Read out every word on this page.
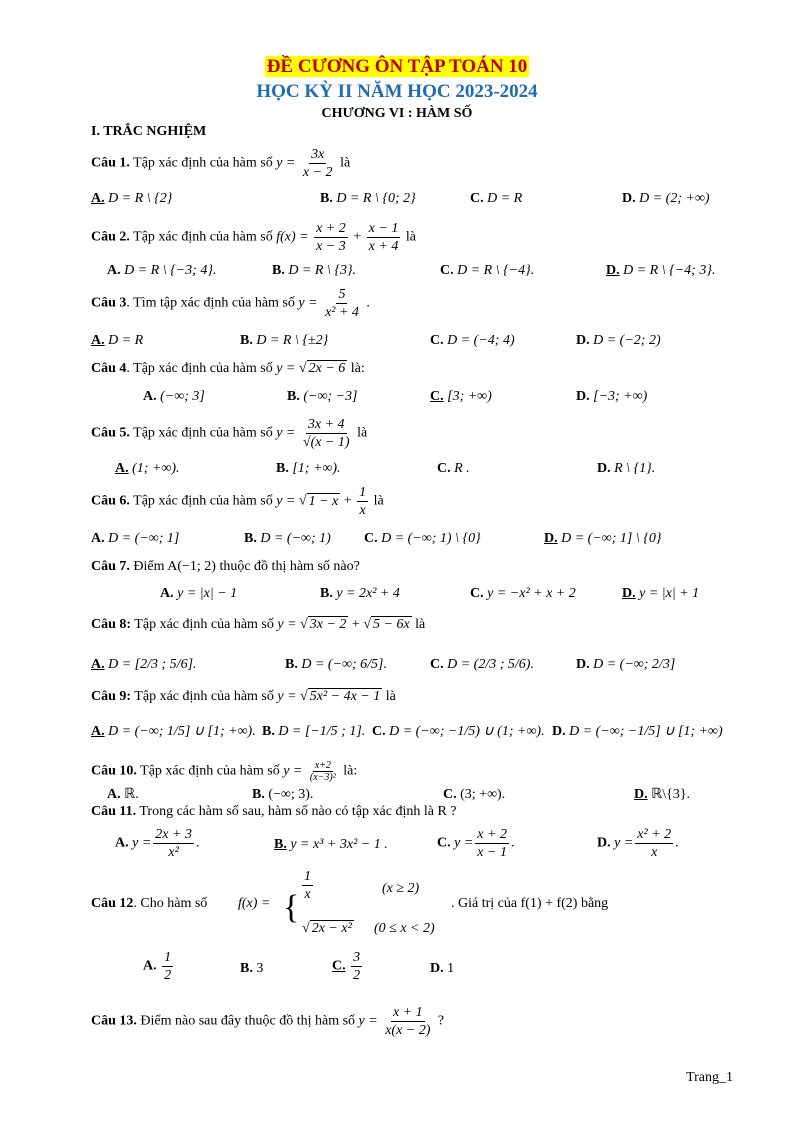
ĐỀ CƯƠNG ÔN TẬP TOÁN 10
HỌC KỲ II NĂM HỌC 2023-2024
CHƯƠNG VI : HÀM SỐ
I. TRẮC NGHIỆM
Câu 1. Tập xác định của hàm số $y = \frac{3x}{x - 2}$ là
A. D = R \ {2}	B. D = R \ {0; 2}	C. D = R	D. D = (2; +∞)
Câu 2. Tập xác định của hàm số $f(x) = \frac{x + 2}{x - 3} + \frac{x - 1}{x + 4}$ là
A. D = R \ {−3; 4}.	B. D = R \ {3}.	C. D = R \ {−4}.	D. D = R \ {−4; 3}.
Câu 3. Tìm tập xác định của hàm số $y = \frac{5}{\text{x² + 4}}$ .
A. D = R	B. D = R \ {±2}	C. D = (−4; 4)	D. D = (−2; 2)
Câu 4. Tập xác định của hàm số y = √ 2x − 6 là:
A. (−∞; 3]	B. (−∞; −3]	C. [3; +∞)	D. [−3; +∞)
Câu 5. Tập xác định của hàm số $y = \frac{3x + 4}{√(x - 1)}$ là
A. (1; +∞).	B. [1; +∞).	C. R .	D. R \ {1}.
Câu 6. Tập xác định của hàm số y = √ $1 - x + \frac{1}{x}$ là
A. D = (−∞; 1]	B. D = (−∞; 1) C. D = (−∞; 1) \ {0}	D. D = (−∞; 1] \ {0}
Câu 7. Điểm A(−1; 2) thuộc đồ thị hàm số nào?
A. y = |x| − 1	B. y = 2x² + 4	C. y = −x² + x + 2	D. y = |x| + 1
Câu 8: Tập xác định của hàm số y = √ 3x − 2 + √ 5 − 6x là
A. D = [2/3 ; 5/6].	B. D = (−∞; 6/5].	C. D = (2/3 ; 5/6).	D. D = (−∞; 2/3]
Câu 9: Tập xác định của hàm số y = √ 5x² − 4x − 1 là
A. D = (−∞; 1/5] ∪ [1; +∞). B. D = [−1/5 ; 1]. C. D = (−∞; −1/5) ∪ (1; +∞). D. D = (−∞; −1/5] ∪ [1; +∞)
Câu 10. Tập xác định của hàm số $y = \frac{x+2}{\text{(x−3)²}}$ là:
A. ℝ.	B. (−∞; 3).	C. (3; +∞).	D. ℝ\{3}.
Câu 11. Trong các hàm số sau, hàm số nào có tập xác định là R ?
A. $y = \frac{2x + 3}{\text{x²}}$ .	B. y = x³ + 3x² − 1 .	C. $y = \frac{x + 2}{x - 1}$ .	D. $y = \frac{\text{x² + 2}}{x}$ .
Câu 12. Cho hàm số f(x) = {
$\frac{1}{x}$	(x ≥ 2)
√ 2x − x² (0 ≤ x < 2)
. Giá trị của f(1) + f(2) bằng
A. $\frac{1}{2}$	B. 3	C. $\frac{3}{2}$	D. 1
Câu 13. Điểm nào sau đây thuộc đồ thị hàm số $y = \frac{x + 1}{x(x - 2)}$ ?
Trang_1
